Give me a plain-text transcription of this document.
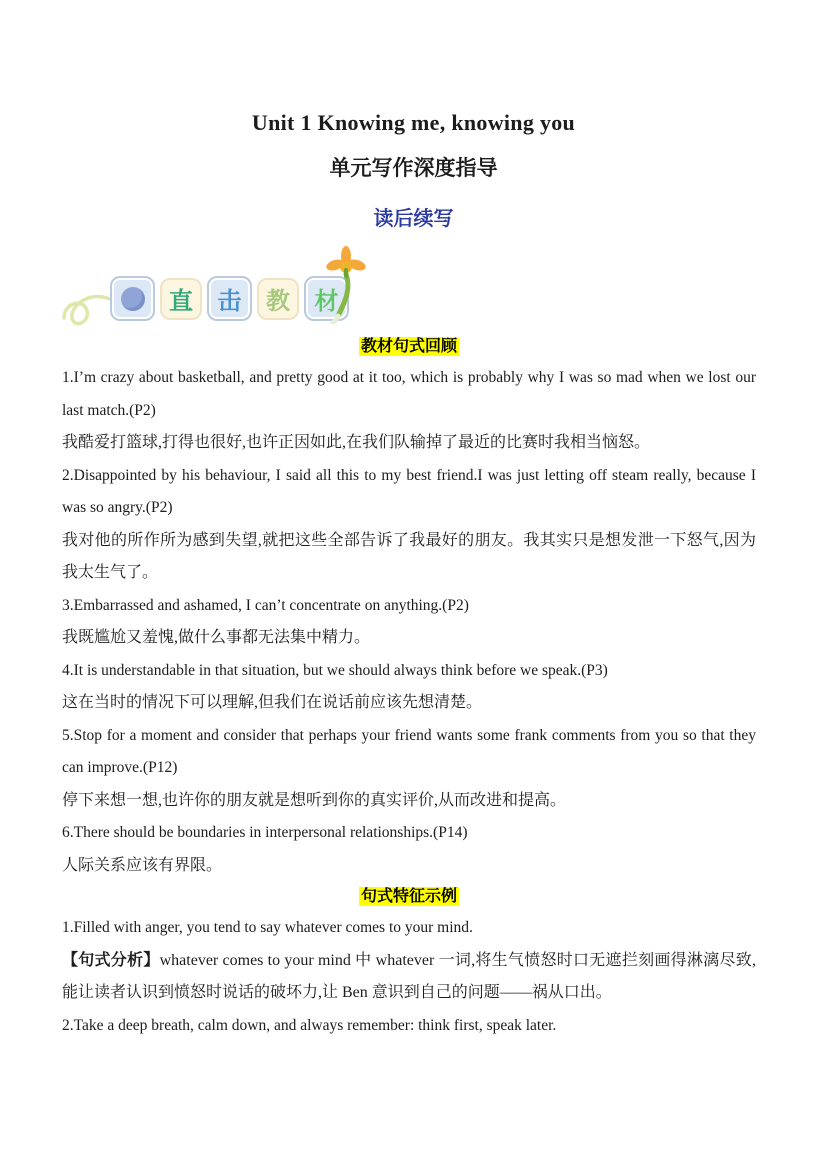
Unit 1 Knowing me, knowing you
单元写作深度指导
读后续写
直	击	教	材

教材句式回顾

1.I’m crazy about basketball, and pretty good at it too, which is probably why I was so mad when we lost our last match.(P2)

我酷爱打篮球,打得也很好,也许正因如此,在我们队输掉了最近的比赛时我相当恼怒。

2.Disappointed by his behaviour, I said all this to my best friend.I was just letting off steam really, because I was so angry.(P2)

我对他的所作所为感到失望,就把这些全部告诉了我最好的朋友。我其实只是想发泄一下怒气,因为我太生气了。

3.Embarrassed and ashamed, I can’t concentrate on anything.(P2)

我既尴尬又羞愧,做什么事都无法集中精力。

4.It is understandable in that situation, but we should always think before we speak.(P3)

这在当时的情况下可以理解,但我们在说话前应该先想清楚。

5.Stop for a moment and consider that perhaps your friend wants some frank comments from you so that they can improve.(P12)

停下来想一想,也许你的朋友就是想听到你的真实评价,从而改进和提高。

6.There should be boundaries in interpersonal relationships.(P14)

人际关系应该有界限。

句式特征示例

1.Filled with anger, you tend to say whatever comes to your mind.

【句式分析】whatever comes to your mind 中 whatever 一词,将生气愤怒时口无遮拦刻画得淋漓尽致,能让读者认识到愤怒时说话的破坏力,让 Ben 意识到自己的问题——祸从口出。

2.Take a deep breath, calm down, and always remember: think first, speak later.
